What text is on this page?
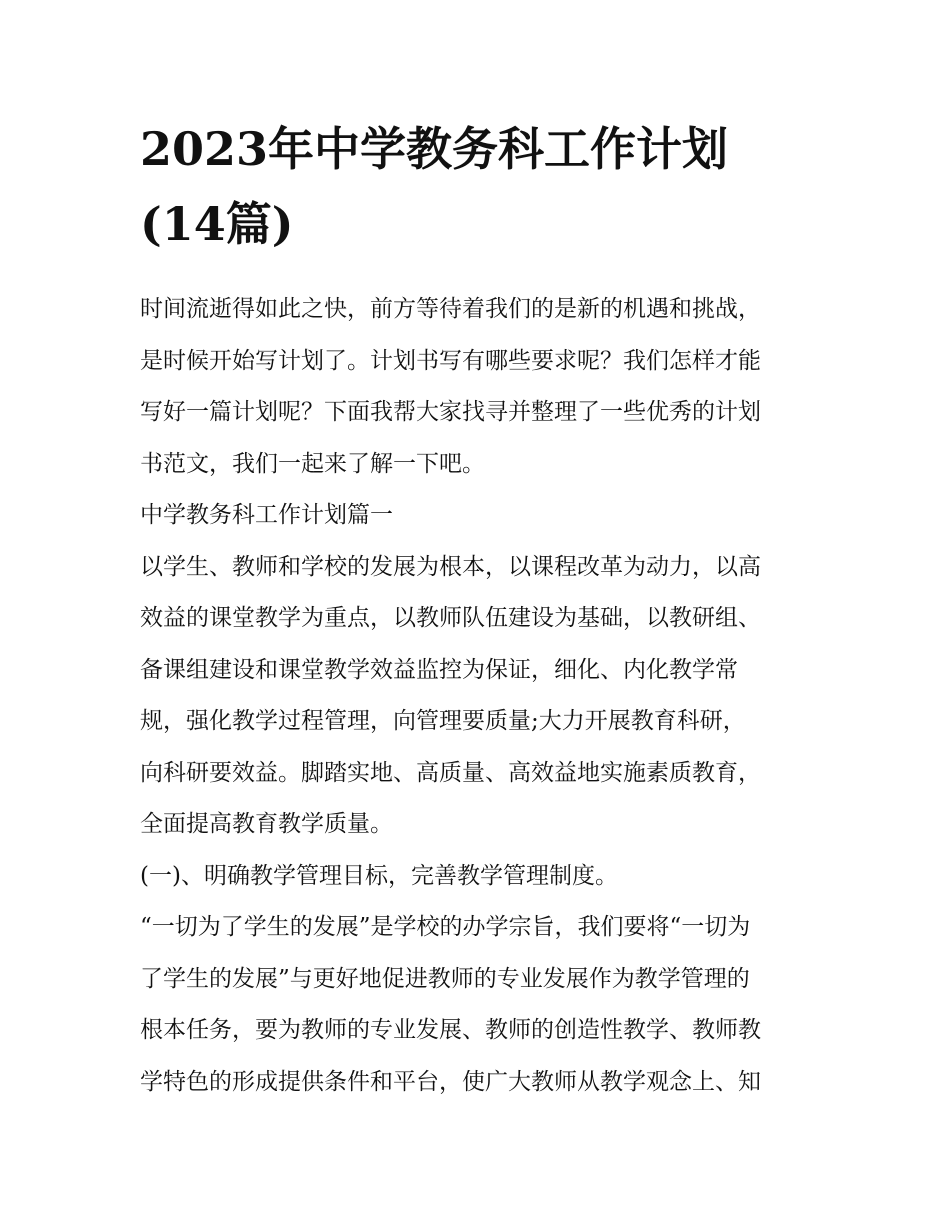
2023年中学教务科工作计划
(14篇)

时间流逝得如此之快，前方等待着我们的是新的机遇和挑战，
是时候开始写计划了。计划书写有哪些要求呢？我们怎样才能
写好一篇计划呢？下面我帮大家找寻并整理了一些优秀的计划
书范文，我们一起来了解一下吧。

中学教务科工作计划篇一

以学生、教师和学校的发展为根本，以课程改革为动力，以高
效益的课堂教学为重点，以教师队伍建设为基础，以教研组、
备课组建设和课堂教学效益监控为保证，细化、内化教学常
规，强化教学过程管理，向管理要质量;大力开展教育科研，
向科研要效益。脚踏实地、高质量、高效益地实施素质教育，
全面提高教育教学质量。

(一)、明确教学管理目标，完善教学管理制度。

“一切为了学生的发展”是学校的办学宗旨，我们要将“一切为
了学生的发展”与更好地促进教师的专业发展作为教学管理的
根本任务，要为教师的专业发展、教师的创造性教学、教师教
学特色的形成提供条件和平台，使广大教师从教学观念上、知
